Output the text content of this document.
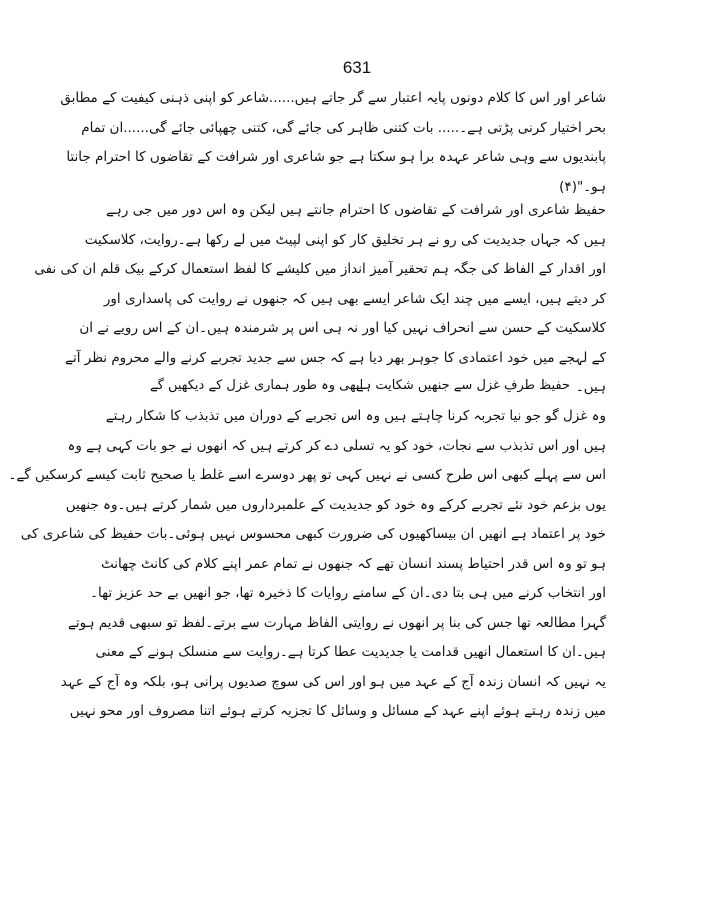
631
شاعر اور اس کا کلام دونوں پایہ اعتبار سے گر جاتے ہیں......شاعر کو اپنی ذہنی کیفیت کے مطابق
بحر اختیار کرنی پڑتی ہے۔..... بات کتنی ظاہر کی جائے گی، کتنی چھپائی جائے گی......ان تمام
پابندیوں سے وہی شاعر عہدہ برا ہو سکتا ہے جو شاعری اور شرافت کے تقاضوں کا احترام جانتا
ہو۔"(۴)
حفیظ شاعری اور شرافت کے تقاضوں کا احترام جانتے ہیں لیکن وہ اس دور میں جی رہے
ہیں کہ جہاں جدیدیت کی رو نے ہر تخلیق کار کو اپنی لپیٹ میں لے رکھا ہے۔روایت، کلاسکیت
اور اقدار کے الفاظ کی جگہ ہم تحقیر آمیز انداز میں کلیشے کا لفظ استعمال کرکے بیک قلم ان کی نفی
کر دیتے ہیں، ایسے میں چند ایک شاعر ایسے بھی ہیں کہ جنھوں نے روایت کی پاسداری اور
کلاسکیت کے حسن سے انحراف نہیں کیا اور نہ ہی اس پر شرمندہ ہیں۔ان کے اس رویے نے ان
کے لہجے میں خود اعتمادی کا جوہر بھر دیا ہے کہ جس سے جدید تجربے کرنے والے محروم نظر آتے
ہیں۔
حفیظ طرفِ غزل سے جنھیں شکایت ہے
ابھی وہ طور ہماری غزل کے دیکھیں گے
وہ غزل گو جو نیا تجربہ کرنا چاہتے ہیں وہ اس تجربے کے دوران میں تذبذب کا شکار رہتے
ہیں اور اس تذبذب سے نجات، خود کو یہ تسلی دے کر کرتے ہیں کہ انھوں نے جو بات کہی ہے وہ
اس سے پہلے کبھی اس طرح کسی نے نہیں کہی تو پھر دوسرے اسے غلط یا صحیح ثابت کیسے کرسکیں گے۔
یوں بزعم خود نئے تجربے کرکے وہ خود کو جدیدیت کے علمبرداروں میں شمار کرتے ہیں۔وہ جنھیں
خود پر اعتماد ہے انھیں ان بیساکھیوں کی ضرورت کبھی محسوس نہیں ہوئی۔بات حفیظ کی شاعری کی
ہو تو وہ اس قدر احتیاط پسند انسان تھے کہ جنھوں نے تمام عمر اپنے کلام کی کانٹ چھانٹ
اور انتخاب کرنے میں ہی بتا دی۔ان کے سامنے روایات کا ذخیرہ تھا، جو انھیں بے حد عزیز تھا۔
گہرا مطالعہ تھا جس کی بنا پر انھوں نے روایتی الفاظ مہارت سے برتے۔لفظ تو سبھی قدیم ہوتے
ہیں۔ان کا استعمال انھیں قدامت یا جدیدیت عطا کرتا ہے۔روایت سے منسلک ہونے کے معنی
یہ نہیں کہ انسان زندہ آج کے عہد میں ہو اور اس کی سوچ صدیوں پرانی ہو، بلکہ وہ آج کے عہد
میں زندہ رہتے ہوئے اپنے عہد کے مسائل و وسائل کا تجزیہ کرتے ہوئے اتنا مصروف اور محو نہیں
